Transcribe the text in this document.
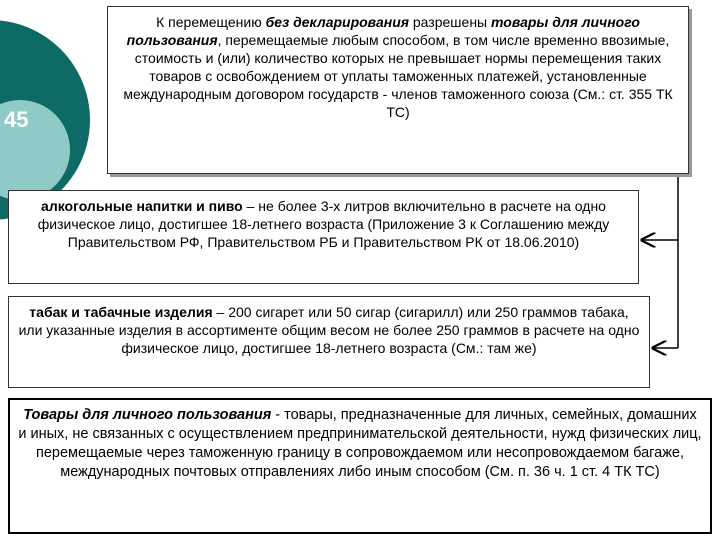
45
К перемещению без декларирования разрешены товары для личного пользования, перемещаемые любым способом, в том числе временно ввозимые, стоимость и (или) количество которых не превышает нормы перемещения таких товаров с освобождением от уплаты таможенных платежей, установленные международным договором государств - членов таможенного союза (См.: ст. 355 ТК ТС)
алкогольные напитки и пиво – не более 3-х литров включительно в расчете на одно физическое лицо, достигшее 18-летнего возраста (Приложение 3 к Соглашению между Правительством РФ, Правительством РБ и Правительством РК от 18.06.2010)
табак и табачные изделия – 200 сигарет или 50 сигар (сигарилл) или 250 граммов табака, или указанные изделия в ассортименте общим весом не более 250 граммов в расчете на одно физическое лицо, достигшее 18-летнего возраста (См.: там же)
Товары для личного пользования - товары, предназначенные для личных, семейных, домашних и иных, не связанных с осуществлением предпринимательской деятельности, нужд физических лиц, перемещаемые через таможенную границу в сопровождаемом или несопровождаемом багаже, международных почтовых отправлениях либо иным способом (См. п. 36 ч. 1 ст. 4 ТК ТС)
